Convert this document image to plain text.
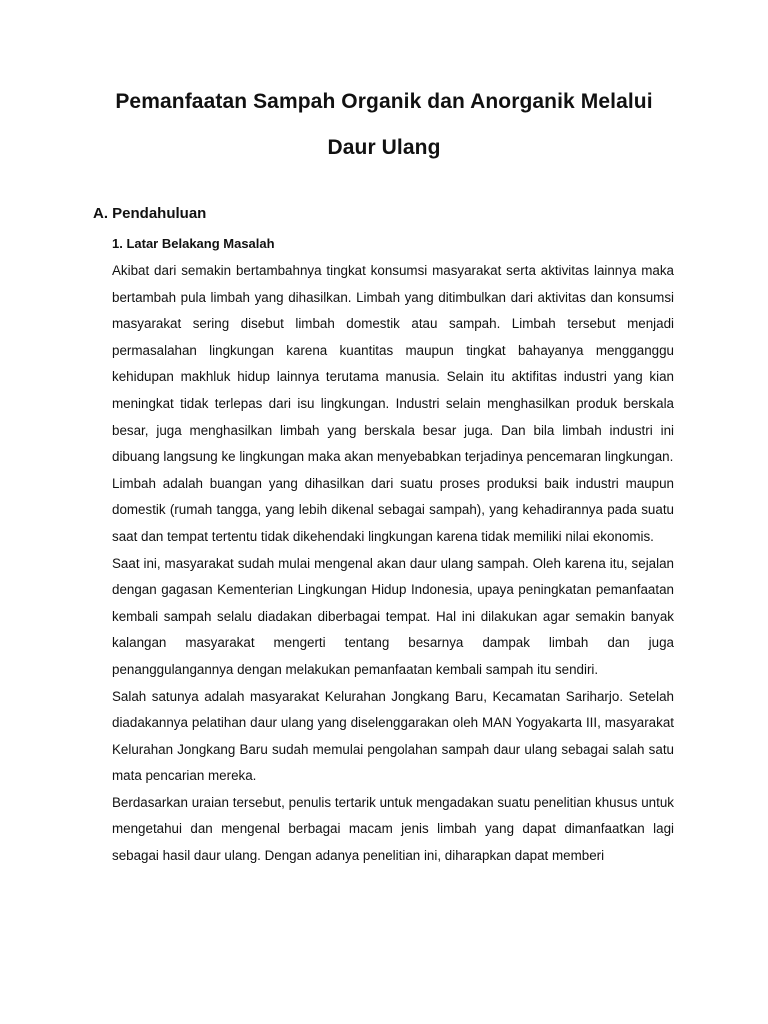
Pemanfaatan Sampah Organik dan Anorganik Melalui
Daur Ulang
A. Pendahuluan
1. Latar Belakang Masalah

Akibat dari semakin bertambahnya tingkat konsumsi masyarakat serta aktivitas lainnya maka bertambah pula limbah yang dihasilkan. Limbah yang ditimbulkan dari aktivitas dan konsumsi masyarakat sering disebut limbah domestik atau sampah. Limbah tersebut menjadi permasalahan lingkungan karena kuantitas maupun tingkat bahayanya mengganggu kehidupan makhluk hidup lainnya terutama manusia. Selain itu aktifitas industri yang kian meningkat tidak terlepas dari isu lingkungan. Industri selain menghasilkan produk berskala besar, juga menghasilkan limbah yang berskala besar juga. Dan bila limbah industri ini dibuang langsung ke lingkungan maka akan menyebabkan terjadinya pencemaran lingkungan.

Limbah adalah buangan yang dihasilkan dari suatu proses produksi baik industri maupun domestik (rumah tangga, yang lebih dikenal sebagai sampah), yang kehadirannya pada suatu saat dan tempat tertentu tidak dikehendaki lingkungan karena tidak memiliki nilai ekonomis.

Saat ini, masyarakat sudah mulai mengenal akan daur ulang sampah. Oleh karena itu, sejalan dengan gagasan Kementerian Lingkungan Hidup Indonesia, upaya peningkatan pemanfaatan kembali sampah selalu diadakan diberbagai tempat. Hal ini dilakukan agar semakin banyak kalangan masyarakat mengerti tentang besarnya dampak limbah dan juga penanggulangannya dengan melakukan pemanfaatan kembali sampah itu sendiri.

Salah satunya adalah masyarakat Kelurahan Jongkang Baru, Kecamatan Sariharjo. Setelah diadakannya pelatihan daur ulang yang diselenggarakan oleh MAN Yogyakarta III, masyarakat Kelurahan Jongkang Baru sudah memulai pengolahan sampah daur ulang sebagai salah satu mata pencarian mereka.

Berdasarkan uraian tersebut, penulis tertarik untuk mengadakan suatu penelitian khusus untuk mengetahui dan mengenal berbagai macam jenis limbah yang dapat dimanfaatkan lagi sebagai hasil daur ulang. Dengan adanya penelitian ini, diharapkan dapat memberi
